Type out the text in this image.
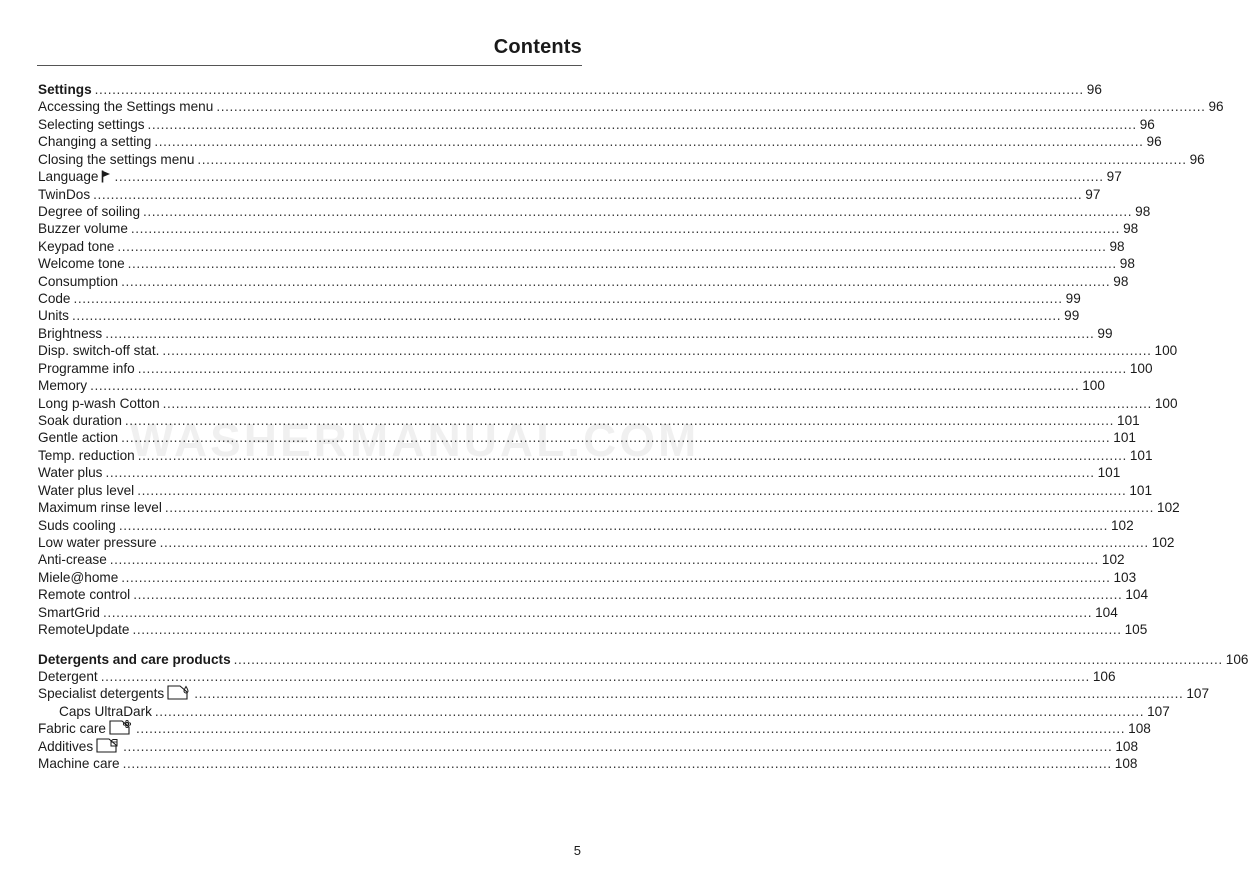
Contents
WASHERMANUAL.COM
Settings .....	96
Accessing the Settings menu .....	96
Selecting settings .....	96
Changing a setting .....	96
Closing the settings menu .....	96
Language .....	97
TwinDos .....	97
Degree of soiling .....	98
Buzzer volume .....	98
Keypad tone .....	98
Welcome tone .....	98
Consumption .....	98
Code .....	99
Units .....	99
Brightness .....	99
Disp. switch-off stat. .....	100
Programme info .....	100
Memory .....	100
Long p-wash Cotton .....	100
Soak duration .....	101
Gentle action .....	101
Temp. reduction .....	101
Water plus .....	101
Water plus level .....	101
Maximum rinse level .....	102
Suds cooling .....	102
Low water pressure .....	102
Anti-crease .....	102
Miele@home .....	103
Remote control .....	104
SmartGrid .....	104
RemoteUpdate .....	105
Detergents and care products .....	106
Detergent .....	106
Specialist detergents .....	107
Caps UltraDark .....	107
Fabric care .....	108
Additives .....	108
Machine care .....	108
5
